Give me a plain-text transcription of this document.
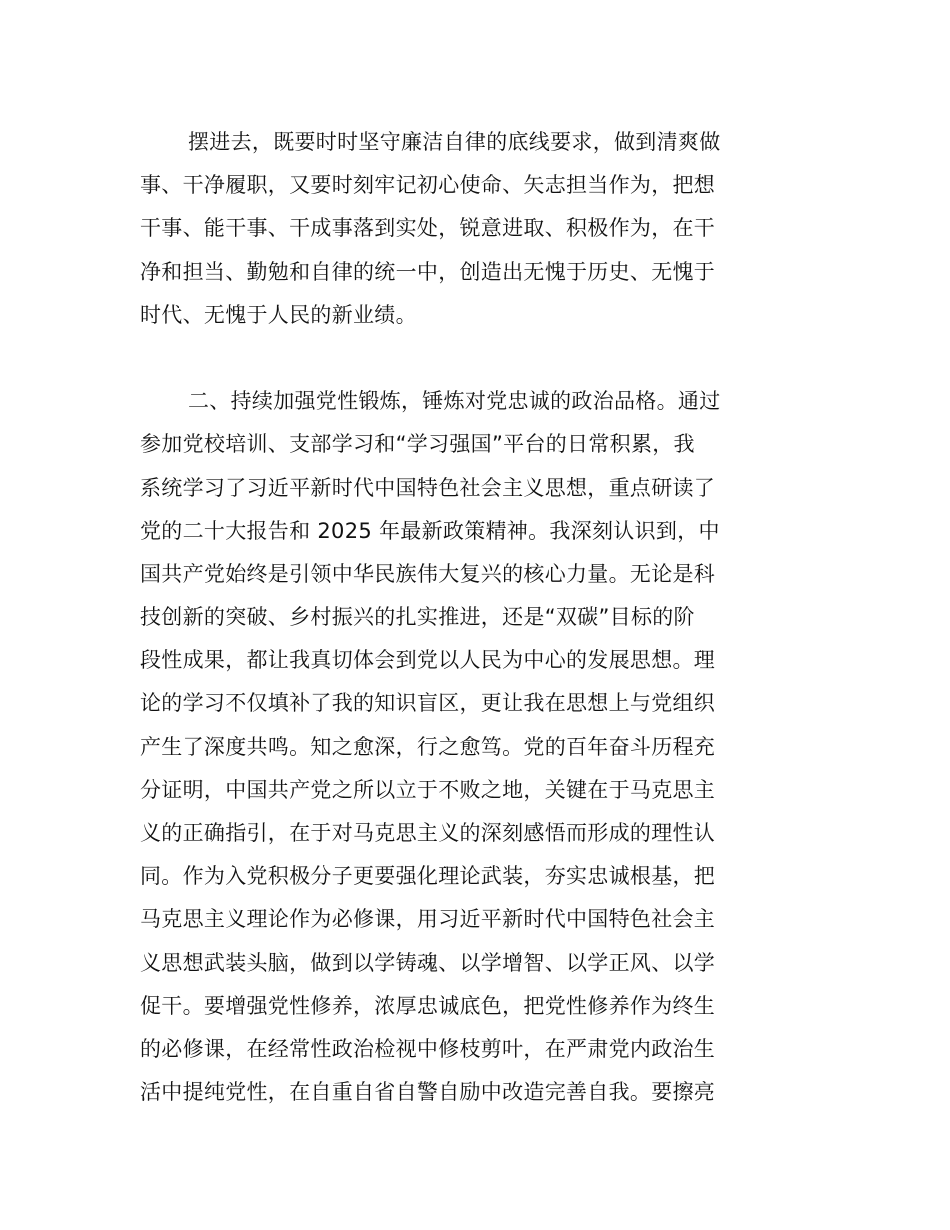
摆进去，既要时时坚守廉洁自律的底线要求，做到清爽做
事、干净履职，又要时刻牢记初心使命、矢志担当作为，把想
干事、能干事、干成事落到实处，锐意进取、积极作为，在干
净和担当、勤勉和自律的统一中，创造出无愧于历史、无愧于
时代、无愧于人民的新业绩。
二、持续加强党性锻炼，锤炼对党忠诚的政治品格。通过
参加党校培训、支部学习和“学习强国”平台的日常积累，我
系统学习了习近平新时代中国特色社会主义思想，重点研读了
党的二十大报告和 2025 年最新政策精神。我深刻认识到，中
国共产党始终是引领中华民族伟大复兴的核心力量。无论是科
技创新的突破、乡村振兴的扎实推进，还是“双碳”目标的阶
段性成果，都让我真切体会到党以人民为中心的发展思想。理
论的学习不仅填补了我的知识盲区，更让我在思想上与党组织
产生了深度共鸣。知之愈深，行之愈笃。党的百年奋斗历程充
分证明，中国共产党之所以立于不败之地，关键在于马克思主
义的正确指引，在于对马克思主义的深刻感悟而形成的理性认
同。作为入党积极分子更要强化理论武装，夯实忠诚根基，把
马克思主义理论作为必修课，用习近平新时代中国特色社会主
义思想武装头脑，做到以学铸魂、以学增智、以学正风、以学
促干。要增强党性修养，浓厚忠诚底色，把党性修养作为终生
的必修课，在经常性政治检视中修枝剪叶，在严肃党内政治生
活中提纯党性，在自重自省自警自励中改造完善自我。要擦亮
